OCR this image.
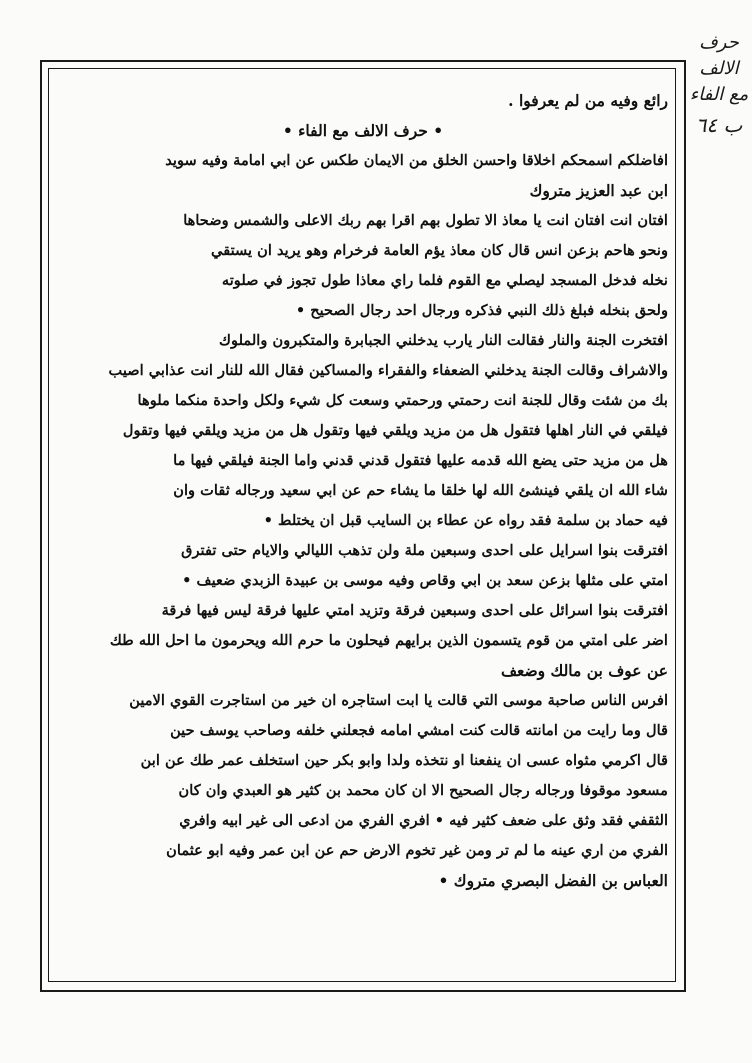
حرف الالف
مع الفاء
ب ٦٤
رائع وفيه من لم يعرفوا .
• حرف الالف مع الفاء •
افاضلكم اسمحكم اخلاقا واحسن الخلق من الايمان طكس عن ابي امامة وفيه سويد
ابن عبد العزيز متروك
افتان انت افتان انت يا معاذ الا تطول بهم اقرا بهم ربك الاعلى والشمس وضحاها
ونحو هاحم بزعن انس قال كان معاذ يؤم العامة فرخرام وهو يريد ان يستقي
نخله فدخل المسجد ليصلي مع القوم فلما راي معاذا طول تجوز في صلوته
ولحق بنخله فبلغ ذلك النبي فذكره ورجال احد رجال الصحيح •
افتخرت الجنة والنار فقالت النار يارب يدخلني الجبابرة والمتكبرون والملوك
والاشراف وقالت الجنة يدخلني الضعفاء والفقراء والمساكين فقال الله للنار انت عذابي اصيب
بك من شئت وقال للجنة انت رحمتي ورحمتي وسعت كل شيء ولكل واحدة منكما ملوها
فيلقي في النار اهلها فتقول هل من مزيد ويلقي فيها وتقول هل من مزيد ويلقي فيها وتقول
هل من مزيد حتى يضع الله قدمه عليها فتقول قدني قدني واما الجنة فيلقي فيها ما
شاء الله ان يلقي فينشئ الله لها خلقا ما يشاء حم عن ابي سعيد ورجاله ثقات وان
فيه حماد بن سلمة فقد رواه عن عطاء بن السايب قبل ان يختلط •
افترقت بنوا اسرايل على احدى وسبعين ملة ولن تذهب الليالي والايام حتى تفترق
امتي على مثلها بزعن سعد بن ابي وقاص وفيه موسى بن عبيدة الزبدي ضعيف •
افترقت بنوا اسرائل على احدى وسبعين فرقة وتزيد امتي عليها فرقة ليس فيها فرقة
اضر على امتي من قوم يتسمون الذين برايهم فيحلون ما حرم الله ويحرمون ما احل الله طك
عن عوف بن مالك وضعف
افرس الناس صاحبة موسى التي قالت يا ابت استاجره ان خير من استاجرت القوي الامين
قال وما رايت من امانته قالت كنت امشي امامه فجعلني خلفه وصاحب يوسف حين
قال اكرمي مثواه عسى ان ينفعنا او نتخذه ولدا وابو بكر حين استخلف عمر طك عن ابن
مسعود موقوفا ورجاله رجال الصحيح الا ان كان محمد بن كثير هو العبدي وان كان
الثقفي فقد وثق على ضعف كثير فيه • افري الفري من ادعى الى غير ابيه وافري
الفري من اري عينه ما لم تر ومن غير تخوم الارض حم عن ابن عمر وفيه ابو عثمان
العباس بن الفضل البصري متروك •
